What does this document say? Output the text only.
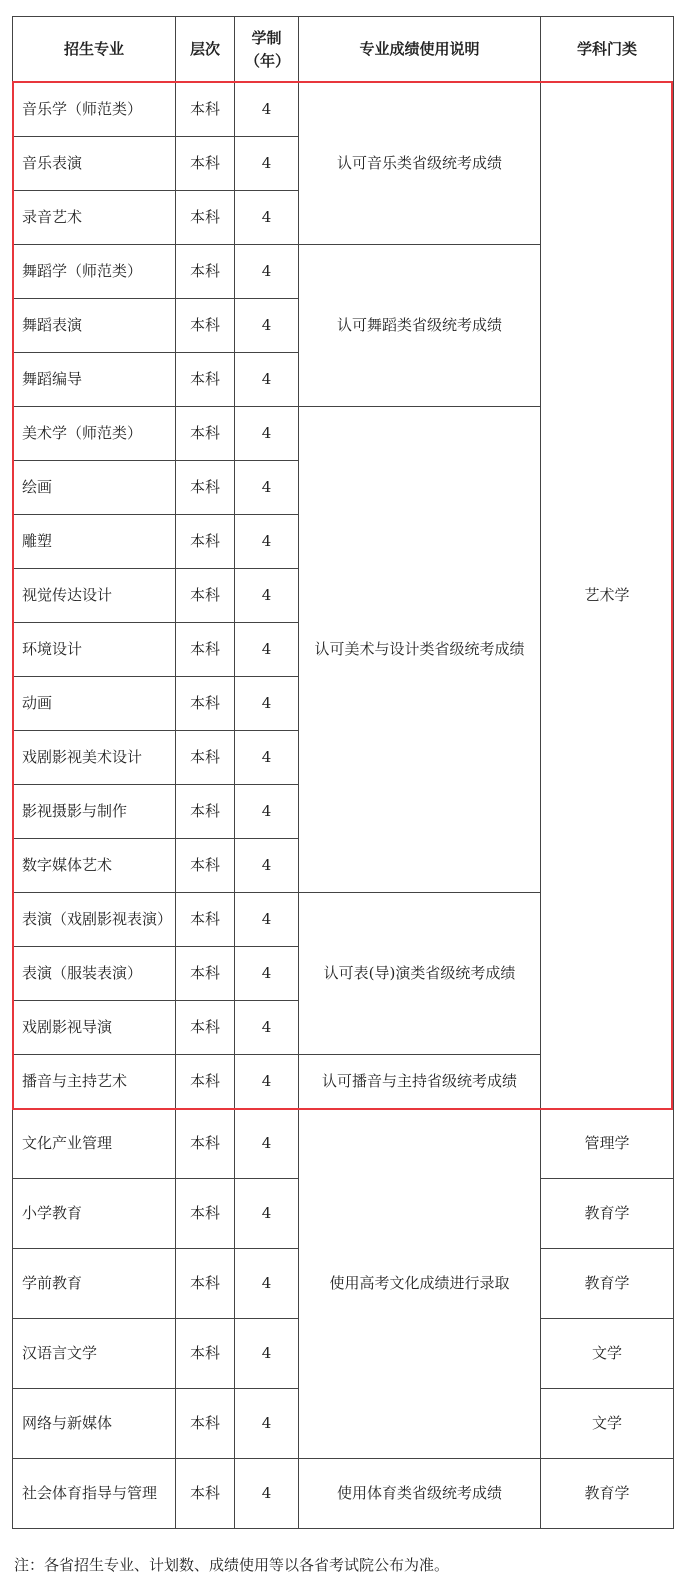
招生专业	层次	学制（年）	专业成绩使用说明	学科门类
音乐学（师范类）	本科	4	认可音乐类省级统考成绩	艺术学
音乐表演	本科	4		
录音艺术	本科	4		
舞蹈学（师范类）	本科	4	认可舞蹈类省级统考成绩	
舞蹈表演	本科	4		
舞蹈编导	本科	4		
美术学（师范类）	本科	4	认可美术与设计类省级统考成绩	
绘画	本科	4		
雕塑	本科	4		
视觉传达设计	本科	4		
环境设计	本科	4		
动画	本科	4		
戏剧影视美术设计	本科	4		
影视摄影与制作	本科	4		
数字媒体艺术	本科	4		
表演（戏剧影视表演）	本科	4	认可表(导)演类省级统考成绩	
表演（服装表演）	本科	4		
戏剧影视导演	本科	4		
播音与主持艺术	本科	4	认可播音与主持省级统考成绩	
文化产业管理	本科	4	使用高考文化成绩进行录取	管理学
小学教育	本科	4		教育学
学前教育	本科	4		教育学
汉语言文学	本科	4		文学
网络与新媒体	本科	4		文学
社会体育指导与管理	本科	4	使用体育类省级统考成绩	教育学
注：各省招生专业、计划数、成绩使用等以各省考试院公布为准。
